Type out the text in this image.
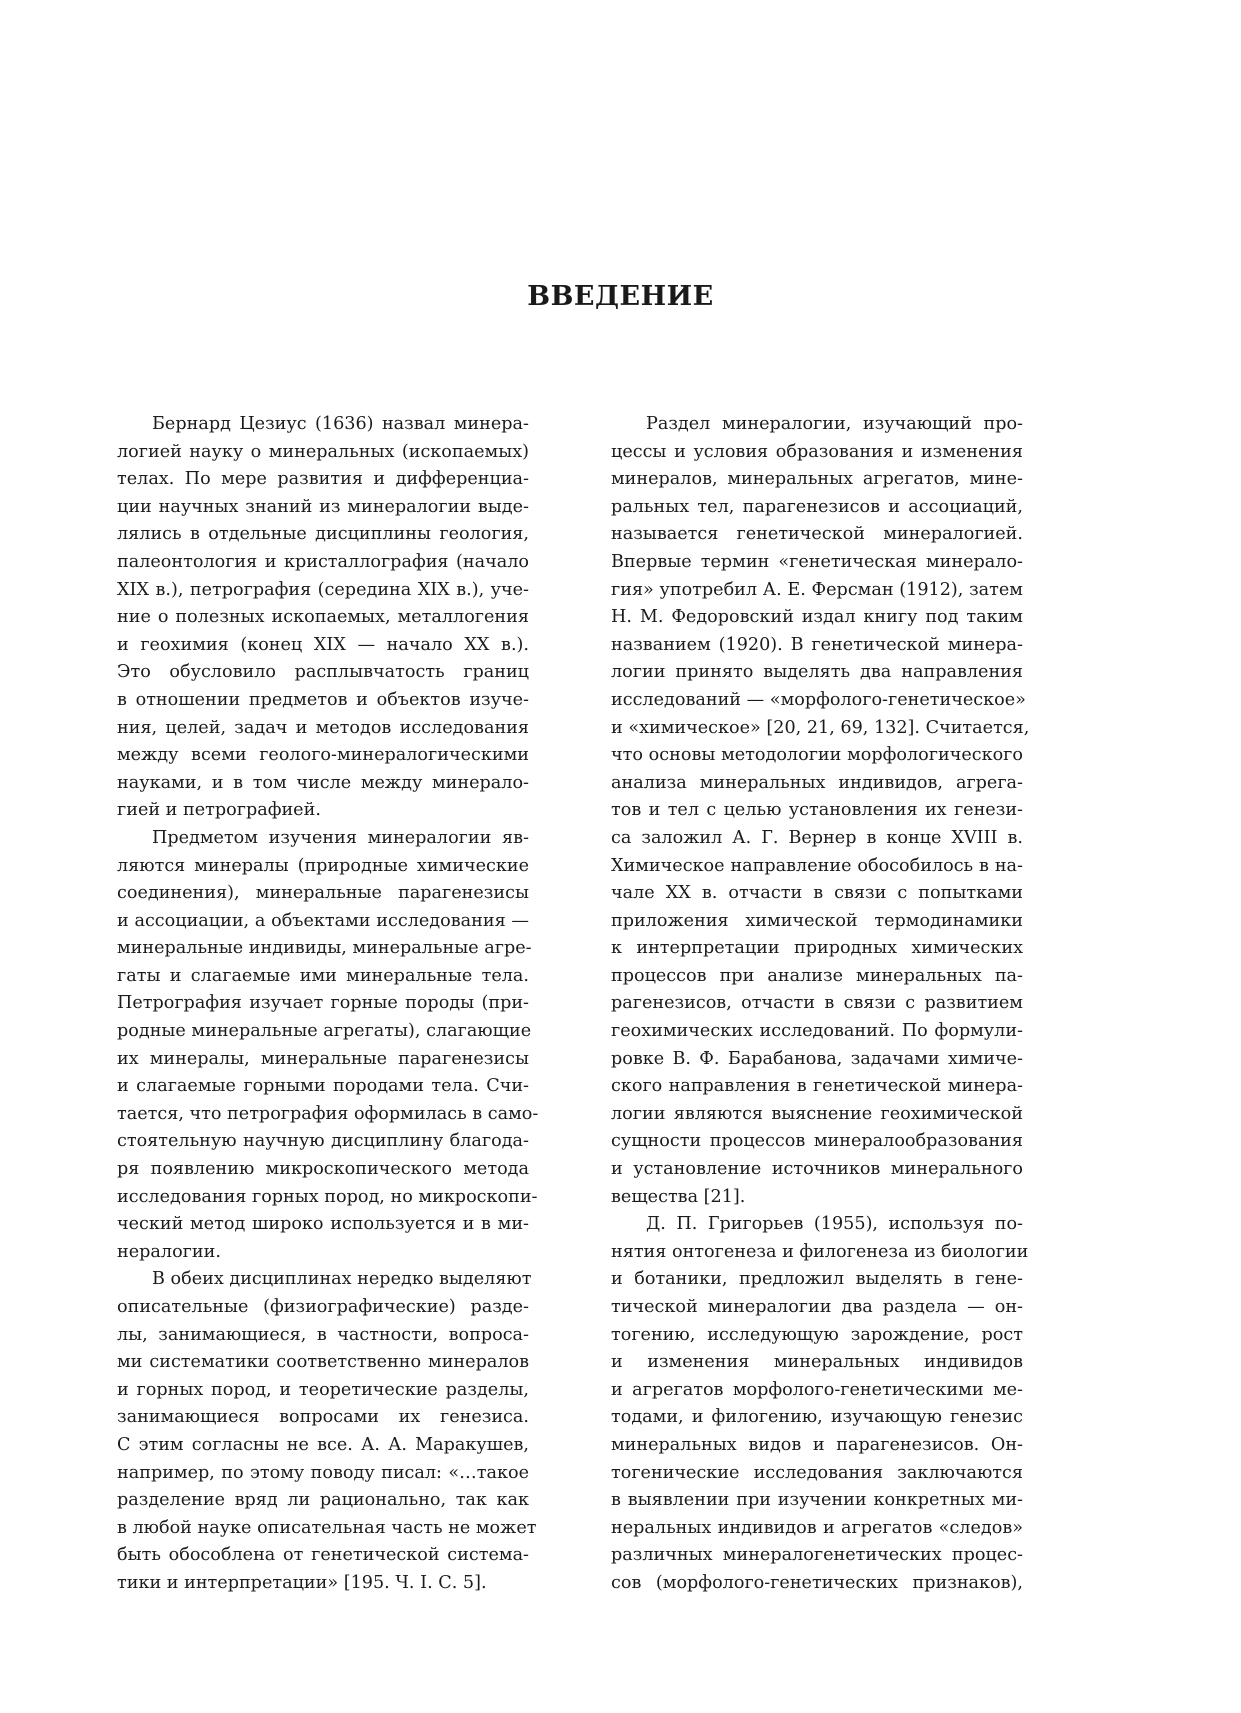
ВВЕДЕНИЕ
Бернард Цезиус (1636) назвал минера-
логией науку о минеральных (ископаемых)
телах. По мере развития и дифференциа-
ции научных знаний из минералогии выде-
лялись в отдельные дисциплины геология,
палеонтология и кристаллография (начало
XIX в.), петрография (середина XIX в.), уче-
ние о полезных ископаемых, металлогения
и геохимия (конец XIX — начало XX в.).
Это обусловило расплывчатость границ
в отношении предметов и объектов изуче-
ния, целей, задач и методов исследования
между всеми геолого-минералогическими
науками, и в том числе между минерало-
гией и петрографией.
Предметом изучения минералогии яв-
ляются минералы (природные химические
соединения), минеральные парагенезисы
и ассоциации, а объектами исследования —
минеральные индивиды, минеральные агре-
гаты и слагаемые ими минеральные тела.
Петрография изучает горные породы (при-
родные минеральные агрегаты), слагающие
их минералы, минеральные парагенезисы
и слагаемые горными породами тела. Счи-
тается, что петрография оформилась в само-
стоятельную научную дисциплину благода-
ря появлению микроскопического метода
исследования горных пород, но микроскопи-
ческий метод широко используется и в ми-
нералогии.
В обеих дисциплинах нередко выделяют
описательные (физиографические) разде-
лы, занимающиеся, в частности, вопроса-
ми систематики соответственно минералов
и горных пород, и теоретические разделы,
занимающиеся вопросами их генезиса.
С этим согласны не все. А. А. Маракушев,
например, по этому поводу писал: «…такое
разделение вряд ли рационально, так как
в любой науке описательная часть не может
быть обособлена от генетической система-
тики и интерпретации» [195. Ч. I. С. 5].
Раздел минералогии, изучающий про-
цессы и условия образования и изменения
минералов, минеральных агрегатов, мине-
ральных тел, парагенезисов и ассоциаций,
называется генетической минералогией.
Впервые термин «генетическая минерало-
гия» употребил А. Е. Ферсман (1912), затем
Н. М. Федоровский издал книгу под таким
названием (1920). В генетической минера-
логии принято выделять два направления
исследований — «морфолого-генетическое»
и «химическое» [20, 21, 69, 132]. Считается,
что основы методологии морфологического
анализа минеральных индивидов, агрега-
тов и тел с целью установления их генези-
са заложил А. Г. Вернер в конце XVIII в.
Химическое направление обособилось в на-
чале XX в. отчасти в связи с попытками
приложения химической термодинамики
к интерпретации природных химических
процессов при анализе минеральных па-
рагенезисов, отчасти в связи с развитием
геохимических исследований. По формули-
ровке В. Ф. Барабанова, задачами химиче-
ского направления в генетической минера-
логии являются выяснение геохимической
сущности процессов минералообразования
и установление источников минерального
вещества [21].
Д. П. Григорьев (1955), используя по-
нятия онтогенеза и филогенеза из биологии
и ботаники, предложил выделять в гене-
тической минералогии два раздела — он-
тогению, исследующую зарождение, рост
и изменения минеральных индивидов
и агрегатов морфолого-генетическими ме-
тодами, и филогению, изучающую генезис
минеральных видов и парагенезисов. Он-
тогенические исследования заключаются
в выявлении при изучении конкретных ми-
неральных индивидов и агрегатов «следов»
различных минералогенетических процес-
сов (морфолого-генетических признаков),
